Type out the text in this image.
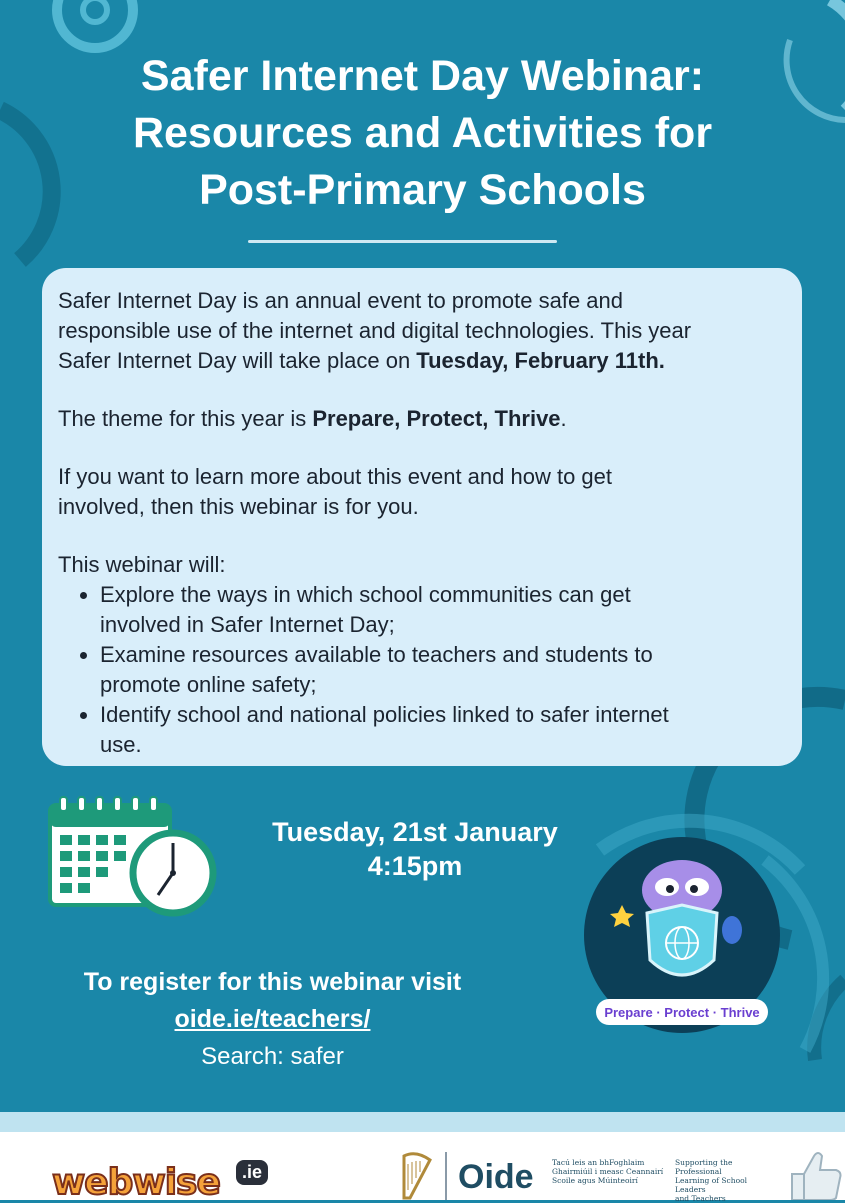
Safer Internet Day Webinar:
Resources and Activities for
Post-Primary Schools

Safer Internet Day is an annual event to promote safe and
responsible use of the internet and digital technologies. This year
Safer Internet Day will take place on Tuesday, February 11th.

The theme for this year is Prepare, Protect, Thrive.

If you want to learn more about this event and how to get
involved, then this webinar is for you.

This webinar will:

• Explore the ways in which school communities can get
involved in Safer Internet Day;
• Examine resources available to teachers and students to
promote online safety;
• Identify school and national policies linked to safer internet
use.
Tuesday, 21st January
4:15pm
Prepare · Protect · Thrive
To register for this webinar visit
oide.ie/teachers/
Search: safer
webwise	.ie	Oide Tacú leis an bhFoghlaim
Ghairmiúil i measc Ceannairí
Scoile agus Múinteoirí
Supporting the Professional
Learning of School Leaders
and Teachers
